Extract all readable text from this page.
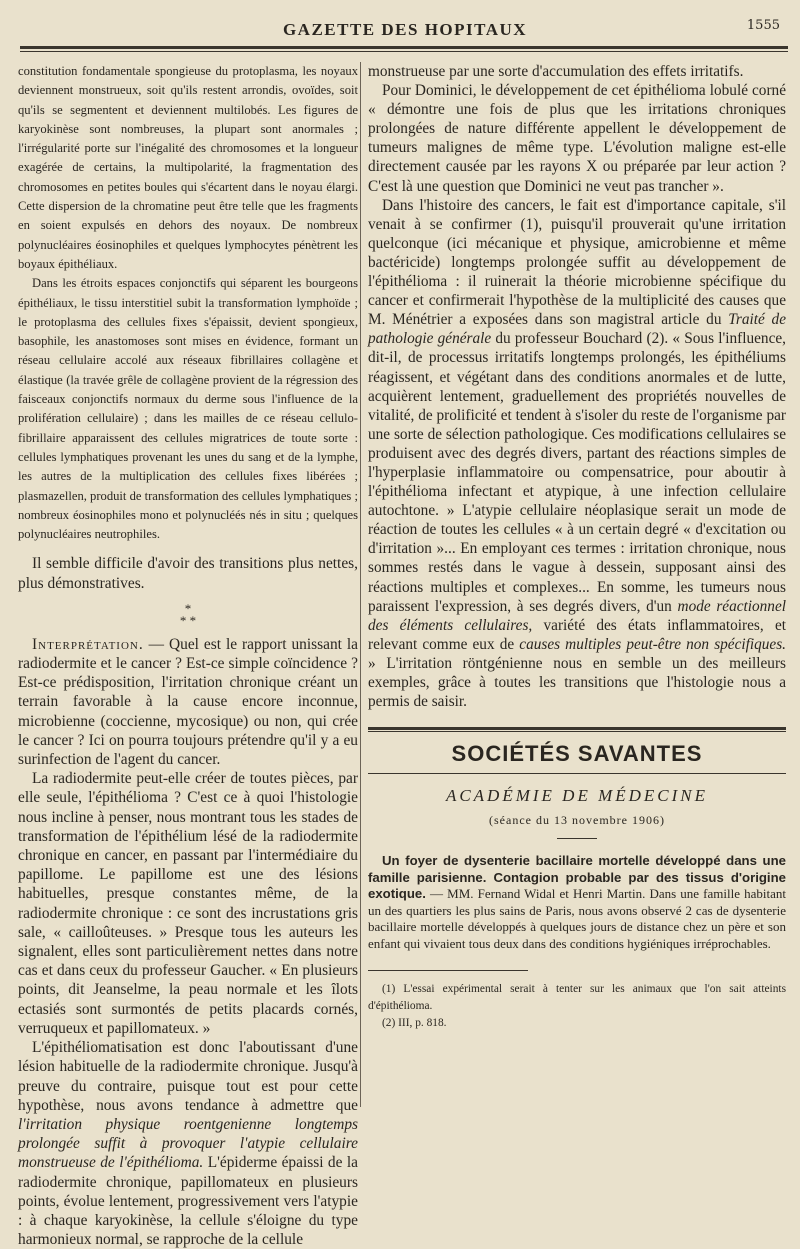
GAZETTE DES HOPITAUX	1555

constitution fondamentale spongieuse du protoplasma, les noyaux deviennent monstrueux, soit qu'ils restent arrondis, ovoïdes, soit qu'ils se segmentent et deviennent multilobés. Les figures de karyokinèse sont nombreuses, la plupart sont anormales ; l'irrégularité porte sur l'inégalité des chromosomes et la longueur exagérée de certains, la multipolarité, la fragmentation des chromosomes en petites boules qui s'écartent dans le noyau élargi. Cette dispersion de la chromatine peut être telle que les fragments en soient expulsés en dehors des noyaux. De nombreux polynucléaires éosinophiles et quelques lymphocytes pénètrent les boyaux épithéliaux.

Dans les étroits espaces conjonctifs qui séparent les bourgeons épithéliaux, le tissu interstitiel subit la transformation lymphoïde ; le protoplasma des cellules fixes s'épaissit, devient spongieux, basophile, les anastomoses sont mises en évidence, formant un réseau cellulaire accolé aux réseaux fibrillaires collagène et élastique (la travée grêle de collagène provient de la régression des faisceaux conjonctifs normaux du derme sous l'influence de la prolifération cellulaire) ; dans les mailles de ce réseau cellulo-fibrillaire apparaissent des cellules migratrices de toute sorte : cellules lymphatiques provenant les unes du sang et de la lymphe, les autres de la multiplication des cellules fixes libérées ; plasmazellen, produit de transformation des cellules lymphatiques ; nombreux éosinophiles mono et polynucléés nés in situ ; quelques polynucléaires neutrophiles.

Il semble difficile d'avoir des transitions plus nettes, plus démonstratives.

*
* *

Interprétation. — Quel est le rapport unissant la radiodermite et le cancer ? Est-ce simple coïncidence ? Est-ce prédisposition, l'irritation chronique créant un terrain favorable à la cause encore inconnue, microbienne (coccienne, mycosique) ou non, qui crée le cancer ? Ici on pourra toujours prétendre qu'il y a eu surinfection de l'agent du cancer.

La radiodermite peut-elle créer de toutes pièces, par elle seule, l'épithélioma ? C'est ce à quoi l'histologie nous incline à penser, nous montrant tous les stades de transformation de l'épithélium lésé de la radiodermite chronique en cancer, en passant par l'intermédiaire du papillome. Le papillome est une des lésions habituelles, presque constantes même, de la radiodermite chronique : ce sont des incrustations gris sale, « cailloûteuses. » Presque tous les auteurs les signalent, elles sont particulièrement nettes dans notre cas et dans ceux du professeur Gaucher. « En plusieurs points, dit Jeanselme, la peau normale et les îlots ectasiés sont surmontés de petits placards cornés, verruqueux et papillomateux. »

L'épithéliomatisation est donc l'aboutissant d'une lésion habituelle de la radiodermite chronique. Jusqu'à preuve du contraire, puisque tout est pour cette hypothèse, nous avons tendance à admettre que l'irritation physique roentgenienne longtemps prolongée suffit à provoquer l'atypie cellulaire monstrueuse de l'épithélioma. L'épiderme épaissi de la radiodermite chronique, papillomateux en plusieurs points, évolue lentement, progressivement vers l'atypie : à chaque karyokinèse, la cellule s'éloigne du type harmonieux normal, se rapproche de la cellule

monstrueuse par une sorte d'accumulation des effets irritatifs.

Pour Dominici, le développement de cet épithélioma lobulé corné « démontre une fois de plus que les irritations chroniques prolongées de nature différente appellent le développement de tumeurs malignes de même type. L'évolution maligne est-elle directement causée par les rayons X ou préparée par leur action ? C'est là une question que Dominici ne veut pas trancher ».

Dans l'histoire des cancers, le fait est d'importance capitale, s'il venait à se confirmer (1), puisqu'il prouverait qu'une irritation quelconque (ici mécanique et physique, amicrobienne et même bactéricide) longtemps prolongée suffit au développement de l'épithélioma : il ruinerait la théorie microbienne spécifique du cancer et confirmerait l'hypothèse de la multiplicité des causes que M. Ménétrier a exposées dans son magistral article du Traité de pathologie générale du professeur Bouchard (2). « Sous l'influence, dit-il, de processus irritatifs longtemps prolongés, les épithéliums réagissent, et végétant dans des conditions anormales et de lutte, acquièrent lentement, graduellement des propriétés nouvelles de vitalité, de prolificité et tendent à s'isoler du reste de l'organisme par une sorte de sélection pathologique. Ces modifications cellulaires se produisent avec des degrés divers, partant des réactions simples de l'hyperplasie inflammatoire ou compensatrice, pour aboutir à l'épithélioma infectant et atypique, à une infection cellulaire autochtone. » L'atypie cellulaire néoplasique serait un mode de réaction de toutes les cellules « à un certain degré « d'excitation ou d'irritation »... En employant ces termes : irritation chronique, nous sommes restés dans le vague à dessein, supposant ainsi des réactions multiples et complexes... En somme, les tumeurs nous paraissent l'expression, à ses degrés divers, d'un mode réactionnel des éléments cellulaires, variété des états inflammatoires, et relevant comme eux de causes multiples peut-être non spécifiques. » L'irritation röntgénienne nous en semble un des meilleurs exemples, grâce à toutes les transitions que l'histologie nous a permis de saisir.

SOCIÉTÉS SAVANTES
ACADÉMIE DE MÉDECINE
(séance du 13 novembre 1906)

Un foyer de dysenterie bacillaire mortelle développé dans une famille parisienne. Contagion probable par des tissus d'origine exotique. — MM. Fernand Widal et Henri Martin. Dans une famille habitant un des quartiers les plus sains de Paris, nous avons observé 2 cas de dysenterie bacillaire mortelle développés à quelques jours de distance chez un père et son enfant qui vivaient tous deux dans des conditions hygiéniques irréprochables.

(1) L'essai expérimental serait à tenter sur les animaux que l'on sait atteints d'épithélioma.

(2) III, p. 818.
